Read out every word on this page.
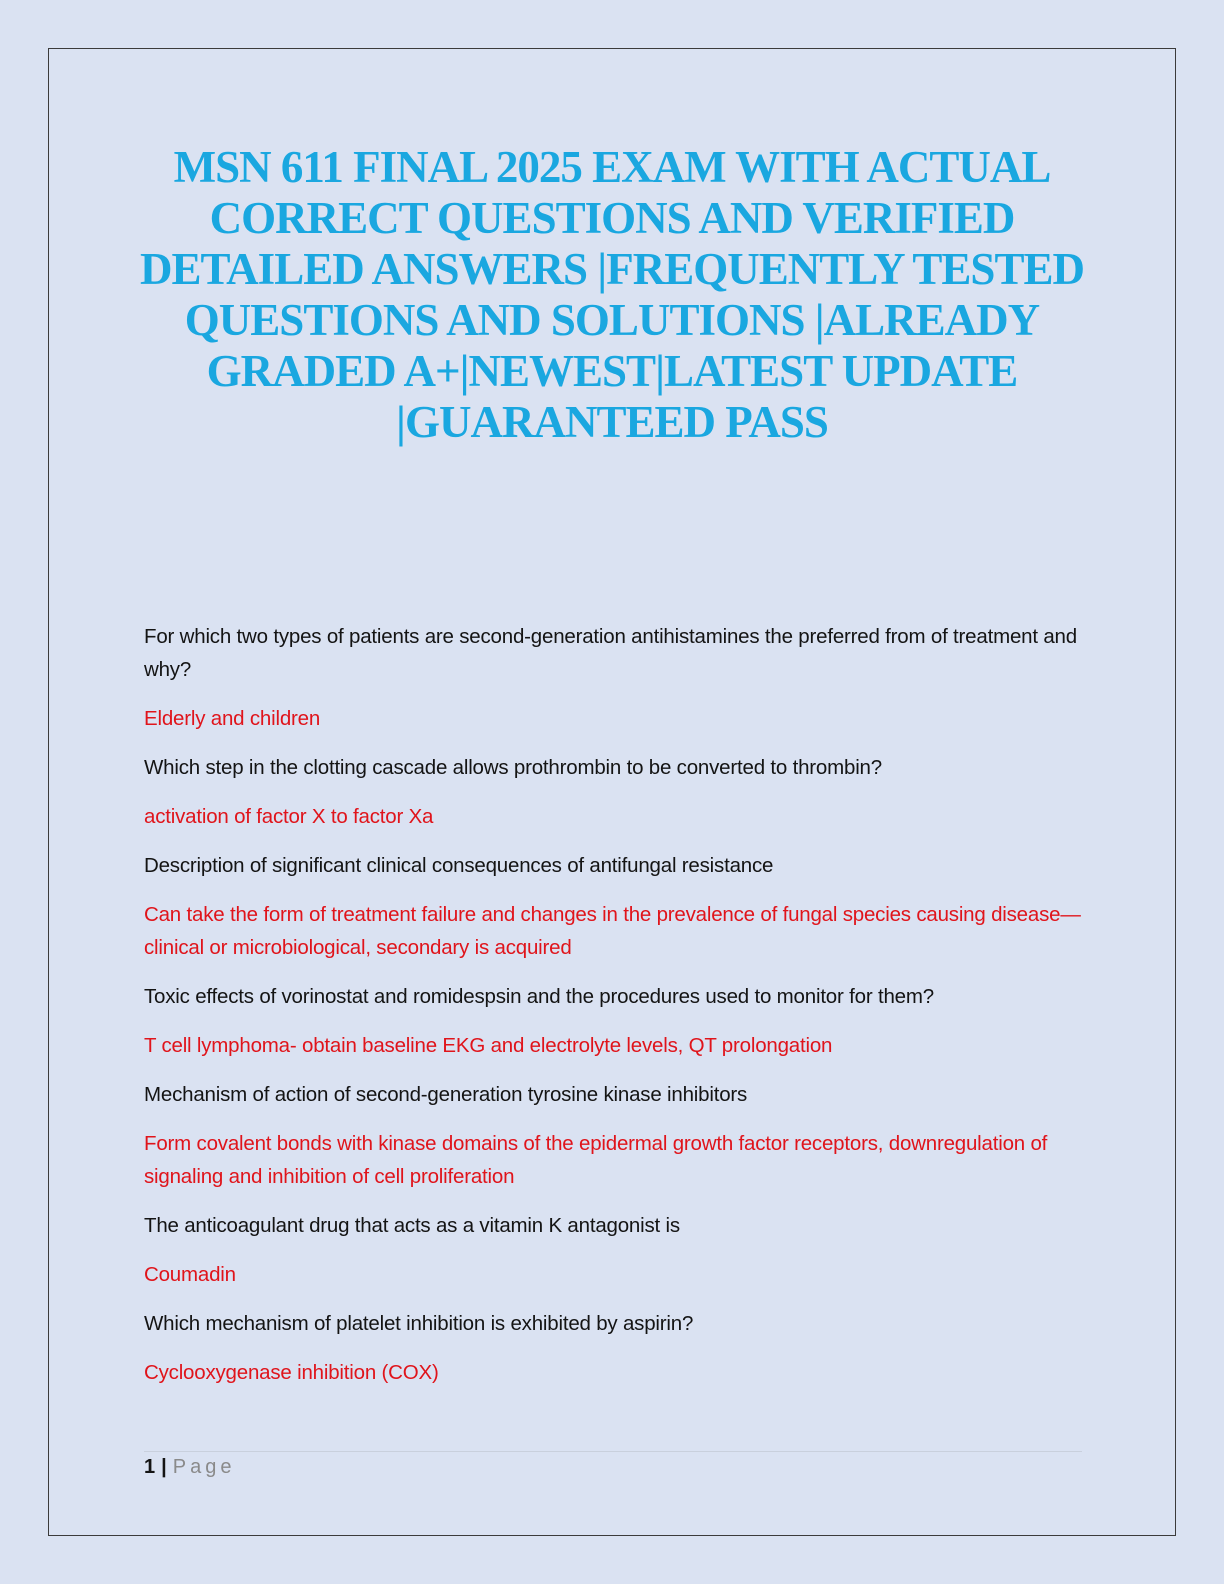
MSN 611 FINAL 2025 EXAM WITH ACTUAL CORRECT QUESTIONS AND VERIFIED DETAILED ANSWERS |FREQUENTLY TESTED QUESTIONS AND SOLUTIONS |ALREADY GRADED A+|NEWEST|LATEST UPDATE |GUARANTEED PASS

For which two types of patients are second-generation antihistamines the preferred from of treatment and why?

Elderly and children

Which step in the clotting cascade allows prothrombin to be converted to thrombin?

activation of factor X to factor Xa

Description of significant clinical consequences of antifungal resistance

Can take the form of treatment failure and changes in the prevalence of fungal species causing disease—clinical or microbiological, secondary is acquired

Toxic effects of vorinostat and romidespsin and the procedures used to monitor for them?

T cell lymphoma- obtain baseline EKG and electrolyte levels, QT prolongation

Mechanism of action of second-generation tyrosine kinase inhibitors

Form covalent bonds with kinase domains of the epidermal growth factor receptors, downregulation of signaling and inhibition of cell proliferation

The anticoagulant drug that acts as a vitamin K antagonist is

Coumadin

Which mechanism of platelet inhibition is exhibited by aspirin?

Cyclooxygenase inhibition (COX)

1 | Page
